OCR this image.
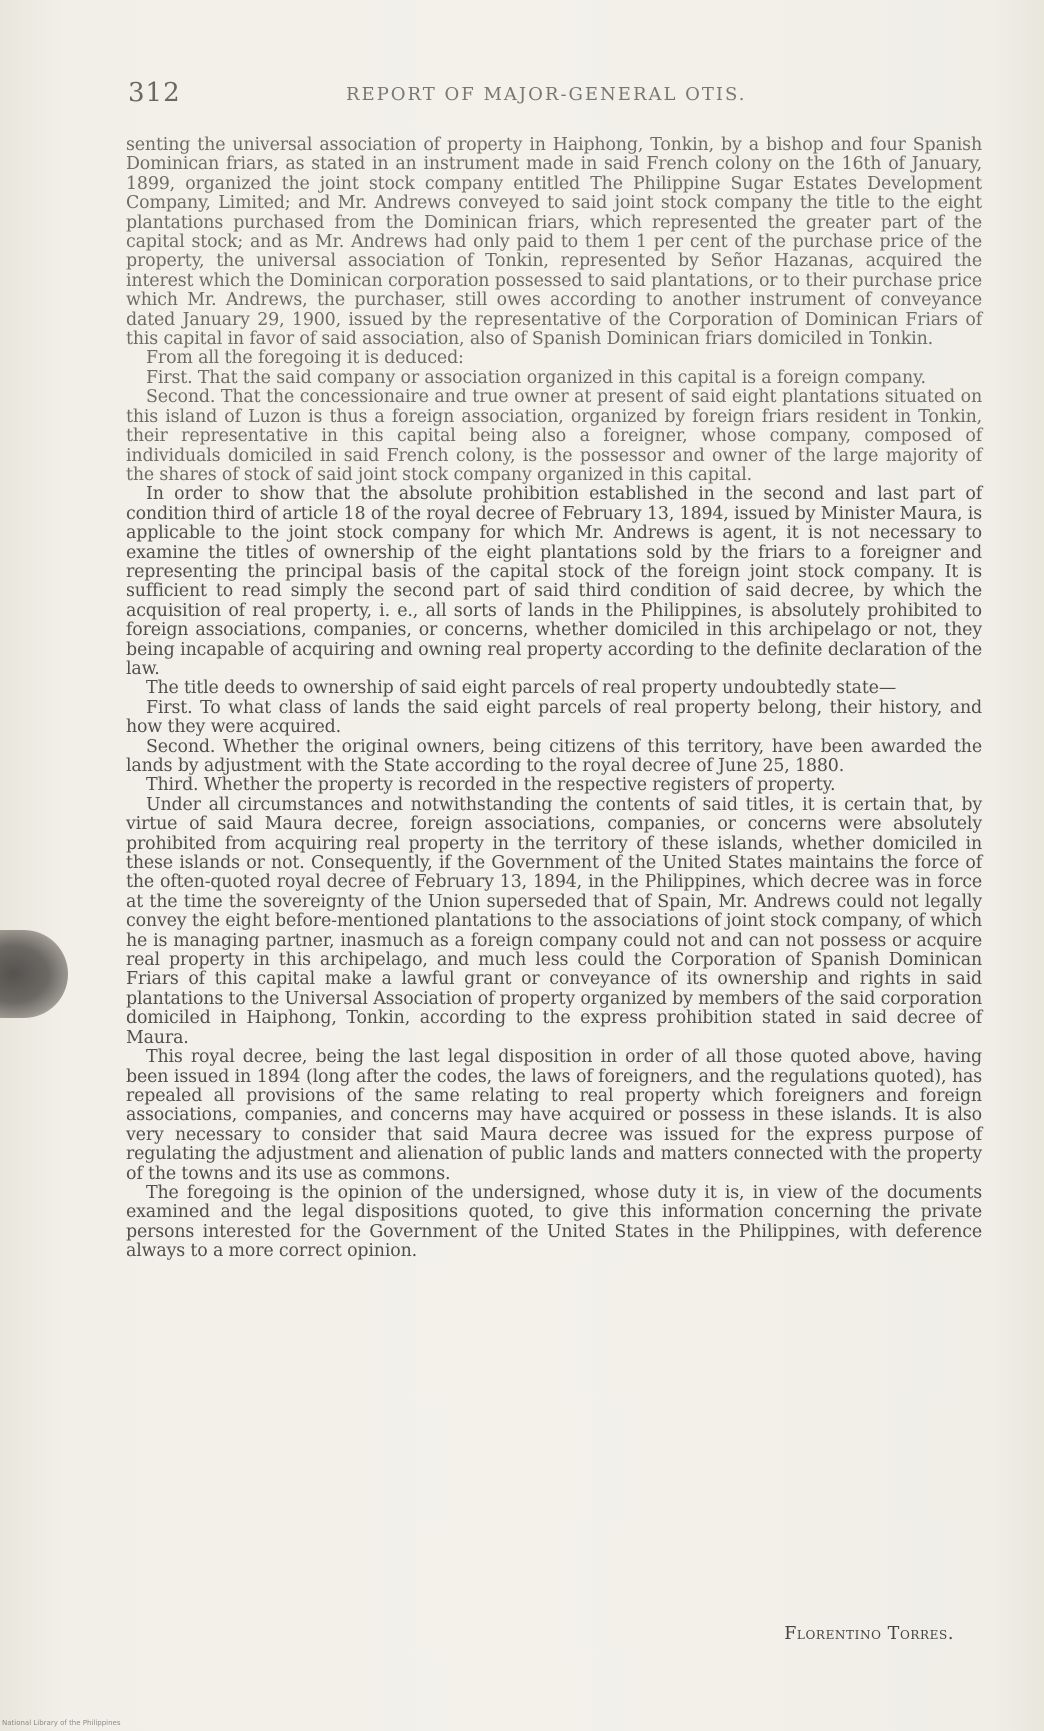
312	REPORT OF MAJOR-GENERAL OTIS.

senting the universal association of property in Haiphong, Tonkin, by a bishop and four Spanish Dominican friars, as stated in an instrument made in said French colony on the 16th of January, 1899, organized the joint stock company entitled The Philippine Sugar Estates Development Company, Limited; and Mr. Andrews conveyed to said joint stock company the title to the eight plantations purchased from the Dominican friars, which represented the greater part of the capital stock; and as Mr. Andrews had only paid to them 1 per cent of the purchase price of the property, the universal association of Tonkin, represented by Señor Hazanas, acquired the interest which the Dominican corporation possessed to said plantations, or to their purchase price which Mr. Andrews, the purchaser, still owes according to another instrument of conveyance dated January 29, 1900, issued by the representative of the Corporation of Dominican Friars of this capital in favor of said association, also of Spanish Dominican friars domiciled in Tonkin.

From all the foregoing it is deduced:

First. That the said company or association organized in this capital is a foreign company.

Second. That the concessionaire and true owner at present of said eight plantations situated on this island of Luzon is thus a foreign association, organized by foreign friars resident in Tonkin, their representative in this capital being also a foreigner, whose company, composed of individuals domiciled in said French colony, is the possessor and owner of the large majority of the shares of stock of said joint stock company organized in this capital.

In order to show that the absolute prohibition established in the second and last part of condition third of article 18 of the royal decree of February 13, 1894, issued by Minister Maura, is applicable to the joint stock company for which Mr. Andrews is agent, it is not necessary to examine the titles of ownership of the eight plantations sold by the friars to a foreigner and representing the principal basis of the capital stock of the foreign joint stock company. It is sufficient to read simply the second part of said third condition of said decree, by which the acquisition of real property, i. e., all sorts of lands in the Philippines, is absolutely prohibited to foreign associations, companies, or concerns, whether domiciled in this archipelago or not, they being incapable of acquiring and owning real property according to the definite declaration of the law.

The title deeds to ownership of said eight parcels of real property undoubtedly state—

First. To what class of lands the said eight parcels of real property belong, their history, and how they were acquired.

Second. Whether the original owners, being citizens of this territory, have been awarded the lands by adjustment with the State according to the royal decree of June 25, 1880.

Third. Whether the property is recorded in the respective registers of property.

Under all circumstances and notwithstanding the contents of said titles, it is certain that, by virtue of said Maura decree, foreign associations, companies, or concerns were absolutely prohibited from acquiring real property in the territory of these islands, whether domiciled in these islands or not. Consequently, if the Government of the United States maintains the force of the often-quoted royal decree of February 13, 1894, in the Philippines, which decree was in force at the time the sovereignty of the Union superseded that of Spain, Mr. Andrews could not legally convey the eight before-mentioned plantations to the associations of joint stock company, of which he is managing partner, inasmuch as a foreign company could not and can not possess or acquire real property in this archipelago, and much less could the Corporation of Spanish Dominican Friars of this capital make a lawful grant or conveyance of its ownership and rights in said plantations to the Universal Association of property organized by members of the said corporation domiciled in Haiphong, Tonkin, according to the express prohibition stated in said decree of Maura.

This royal decree, being the last legal disposition in order of all those quoted above, having been issued in 1894 (long after the codes, the laws of foreigners, and the regulations quoted), has repealed all provisions of the same relating to real property which foreigners and foreign associations, companies, and concerns may have acquired or possess in these islands. It is also very necessary to consider that said Maura decree was issued for the express purpose of regulating the adjustment and alienation of public lands and matters connected with the property of the towns and its use as commons.

The foregoing is the opinion of the undersigned, whose duty it is, in view of the documents examined and the legal dispositions quoted, to give this information concerning the private persons interested for the Government of the United States in the Philippines, with deference always to a more correct opinion.

Florentino Torres.
National Library of the Philippines
